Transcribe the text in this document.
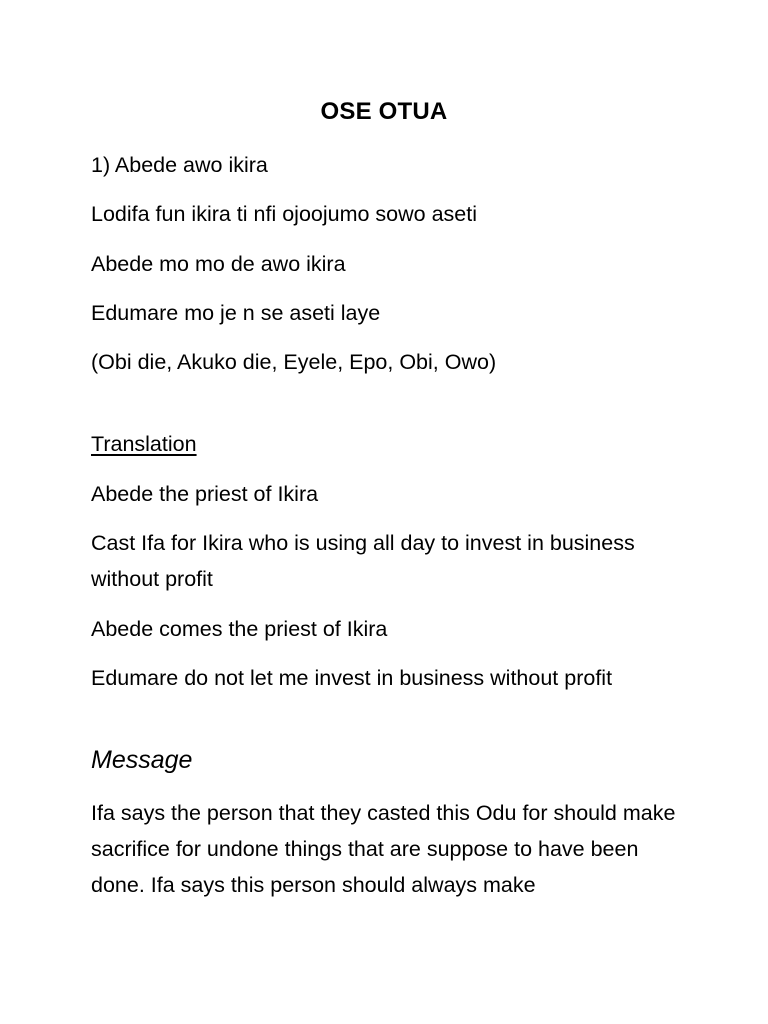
OSE OTUA
1) Abede awo ikira
Lodifa fun ikira ti nfi ojoojumo sowo aseti
Abede mo mo de awo ikira
Edumare mo je n se aseti laye
(Obi die, Akuko die, Eyele, Epo, Obi, Owo)
Translation
Abede the priest of Ikira
Cast Ifa for Ikira who is using all day to invest in business without profit
Abede comes the priest of Ikira
Edumare do not let me invest in business without profit
Message
Ifa says the person that they casted this Odu for should make sacrifice for undone things that are suppose to have been done. Ifa says this person should always make
